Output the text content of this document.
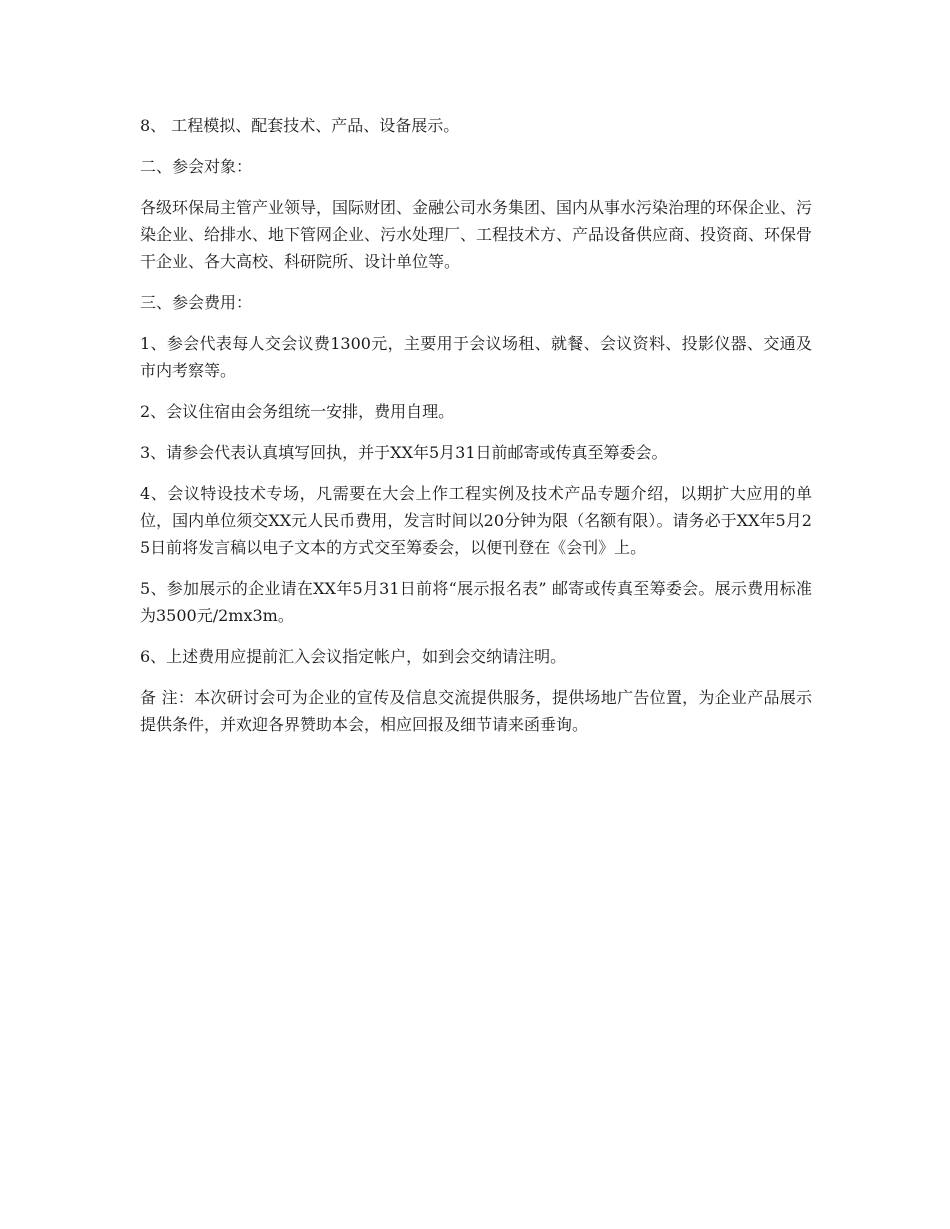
8、 工程模拟、配套技术、产品、设备展示。

二、参会对象：

各级环保局主管产业领导，国际财团、金融公司水务集团、国内从事水污染治理的环保企业、污染企业、给排水、地下管网企业、污水处理厂、工程技术方、产品设备供应商、投资商、环保骨干企业、各大高校、科研院所、设计单位等。

三、参会费用：

1、参会代表每人交会议费1300元，主要用于会议场租、就餐、会议资料、投影仪器、交通及市内考察等。

2、会议住宿由会务组统一安排，费用自理。

3、请参会代表认真填写回执，并于XX年5月31日前邮寄或传真至筹委会。

4、会议特设技术专场，凡需要在大会上作工程实例及技术产品专题介绍，以期扩大应用的单位，国内单位须交XX元人民币费用，发言时间以20分钟为限（名额有限）。请务必于XX年5月25日前将发言稿以电子文本的方式交至筹委会，以便刊登在《会刊》上。

5、参加展示的企业请在XX年5月31日前将“展示报名表” 邮寄或传真至筹委会。展示费用标准为3500元/2mx3m。

6、上述费用应提前汇入会议指定帐户，如到会交纳请注明。

备 注：本次研讨会可为企业的宣传及信息交流提供服务，提供场地广告位置，为企业产品展示提供条件，并欢迎各界赞助本会，相应回报及细节请来函垂询。
